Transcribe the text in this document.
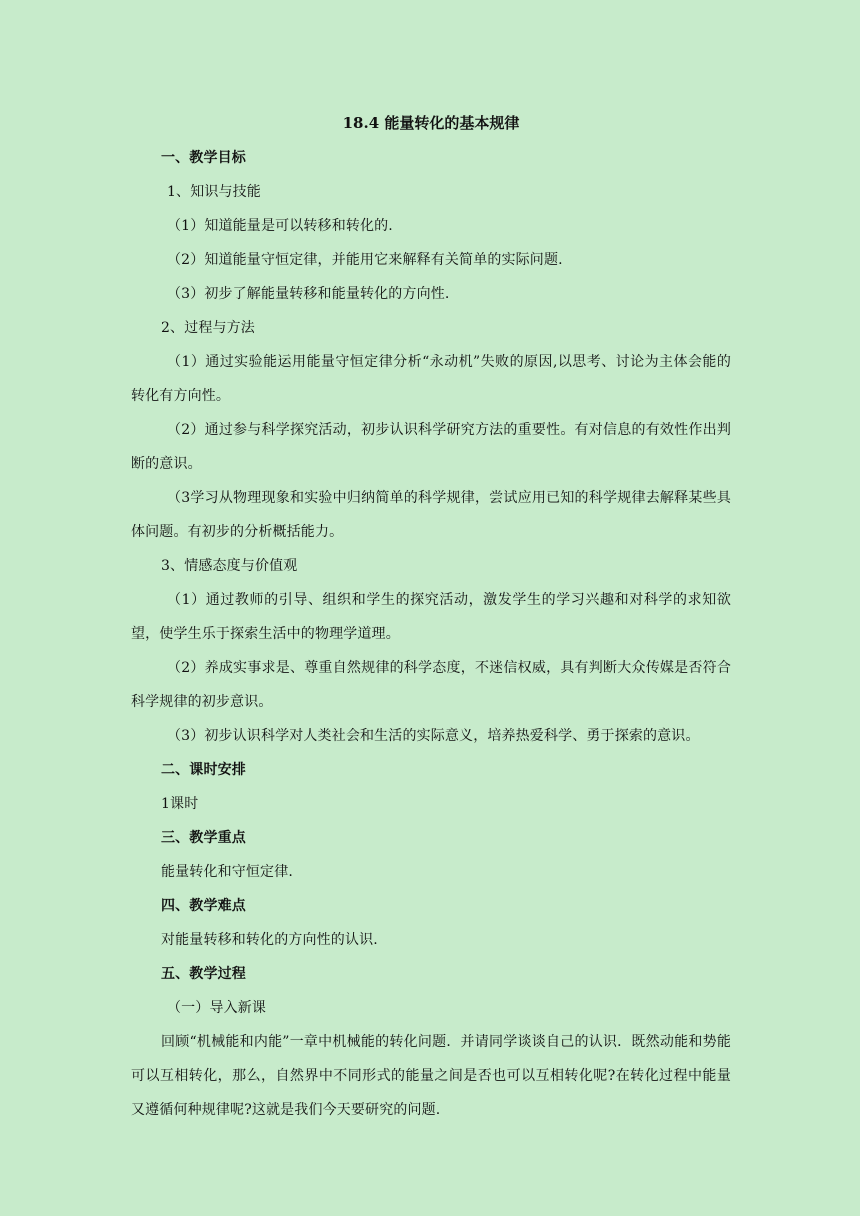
18.4 能量转化的基本规律

一、教学目标

1、知识与技能

（1）知道能量是可以转移和转化的.

（2）知道能量守恒定律，并能用它来解释有关简单的实际问题.

（3）初步了解能量转移和能量转化的方向性.

2、过程与方法

（1）通过实验能运用能量守恒定律分析“永动机”失败的原因,以思考、讨论为主体会能的转化有方向性。

（2）通过参与科学探究活动，初步认识科学研究方法的重要性。有对信息的有效性作出判断的意识。

（3学习从物理现象和实验中归纳简单的科学规律，尝试应用已知的科学规律去解释某些具体问题。有初步的分析概括能力。

3、情感态度与价值观

（1）通过教师的引导、组织和学生的探究活动，激发学生的学习兴趣和对科学的求知欲望，使学生乐于探索生活中的物理学道理。

（2）养成实事求是、尊重自然规律的科学态度，不迷信权威，具有判断大众传媒是否符合科学规律的初步意识。

（3）初步认识科学对人类社会和生活的实际意义，培养热爱科学、勇于探索的意识。

二、课时安排

1课时

三、教学重点

能量转化和守恒定律.

四、教学难点

对能量转移和转化的方向性的认识.

五、教学过程

（一）导入新课

回顾“机械能和内能”一章中机械能的转化问题．并请同学谈谈自己的认识．既然动能和势能可以互相转化，那么，自然界中不同形式的能量之间是否也可以互相转化呢?在转化过程中能量又遵循何种规律呢?这就是我们今天要研究的问题.
